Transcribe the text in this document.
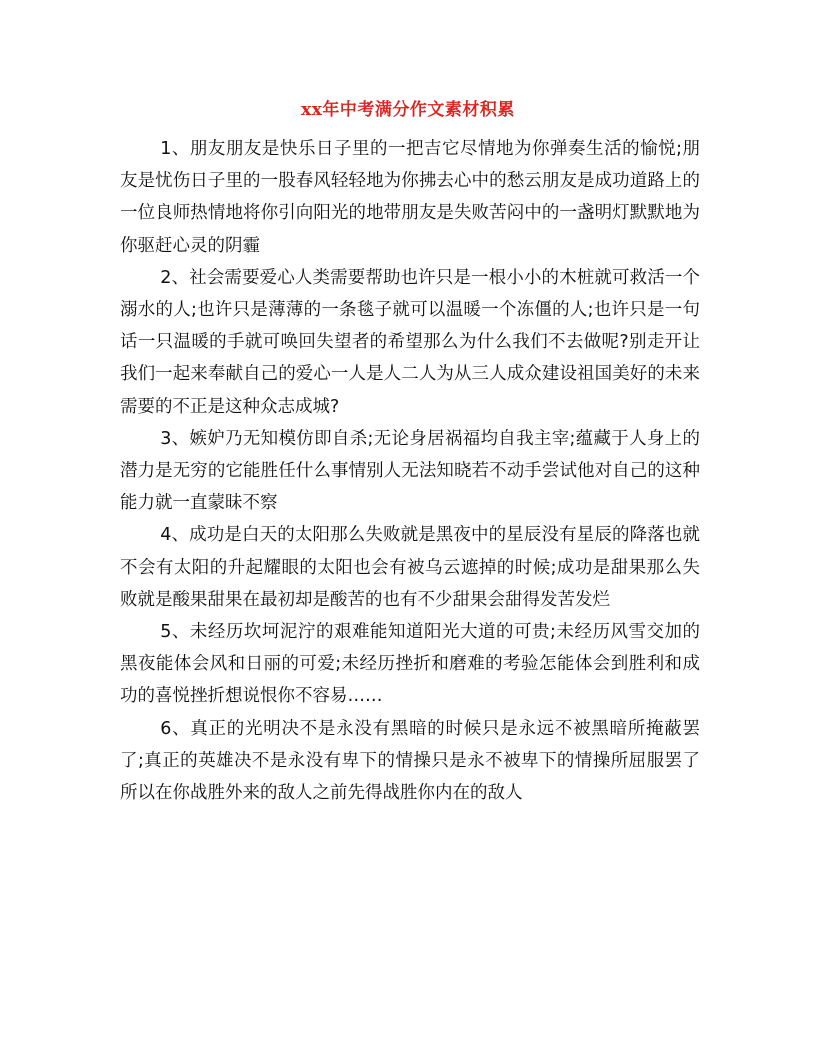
xx年中考满分作文素材积累

1、朋友朋友是快乐日子里的一把吉它尽情地为你弹奏生活的愉悦;朋友是忧伤日子里的一股春风轻轻地为你拂去心中的愁云朋友是成功道路上的一位良师热情地将你引向阳光的地带朋友是失败苦闷中的一盏明灯默默地为你驱赶心灵的阴霾

2、社会需要爱心人类需要帮助也许只是一根小小的木桩就可救活一个溺水的人;也许只是薄薄的一条毯子就可以温暖一个冻僵的人;也许只是一句话一只温暖的手就可唤回失望者的希望那么为什么我们不去做呢?别走开让我们一起来奉献自己的爱心一人是人二人为从三人成众建设祖国美好的未来需要的不正是这种众志成城?

3、嫉妒乃无知模仿即自杀;无论身居祸福均自我主宰;蕴藏于人身上的潜力是无穷的它能胜任什么事情别人无法知晓若不动手尝试他对自己的这种能力就一直蒙昧不察

4、成功是白天的太阳那么失败就是黑夜中的星辰没有星辰的降落也就不会有太阳的升起耀眼的太阳也会有被乌云遮掉的时候;成功是甜果那么失败就是酸果甜果在最初却是酸苦的也有不少甜果会甜得发苦发烂

5、未经历坎坷泥泞的艰难能知道阳光大道的可贵;未经历风雪交加的黑夜能体会风和日丽的可爱;未经历挫折和磨难的考验怎能体会到胜利和成功的喜悦挫折想说恨你不容易……

6、真正的光明决不是永没有黑暗的时候只是永远不被黑暗所掩蔽罢了;真正的英雄决不是永没有卑下的情操只是永不被卑下的情操所屈服罢了所以在你战胜外来的敌人之前先得战胜你内在的敌人
